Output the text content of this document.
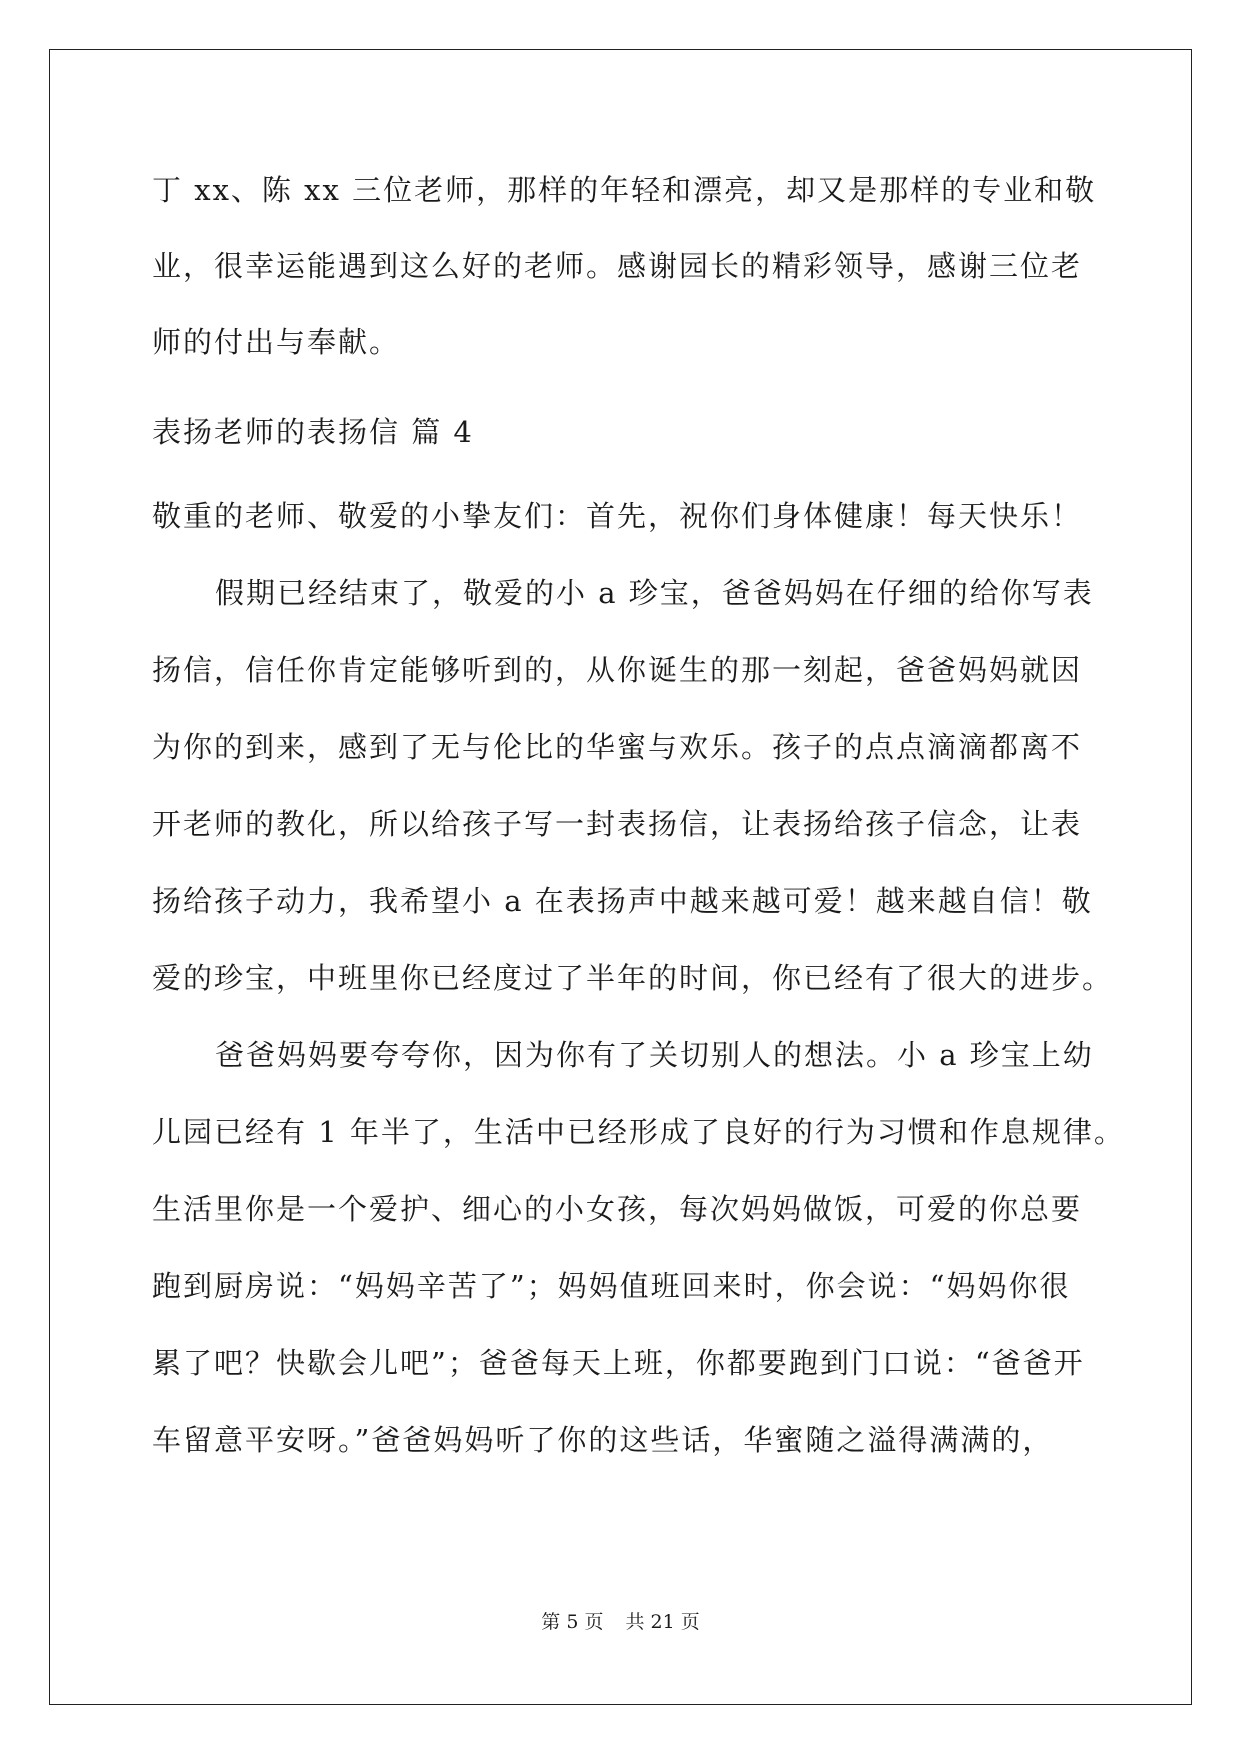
丁 xx、陈 xx 三位老师，那样的年轻和漂亮，却又是那样的专业和敬
业，很幸运能遇到这么好的老师。感谢园长的精彩领导，感谢三位老
师的付出与奉献。
表扬老师的表扬信 篇 4
敬重的老师、敬爱的小挚友们：首先，祝你们身体健康！每天快乐！
假期已经结束了，敬爱的小 a 珍宝，爸爸妈妈在仔细的给你写表
扬信，信任你肯定能够听到的，从你诞生的那一刻起，爸爸妈妈就因
为你的到来，感到了无与伦比的华蜜与欢乐。孩子的点点滴滴都离不
开老师的教化，所以给孩子写一封表扬信，让表扬给孩子信念，让表
扬给孩子动力，我希望小 a 在表扬声中越来越可爱！越来越自信！敬
爱的珍宝，中班里你已经度过了半年的时间，你已经有了很大的进步。
爸爸妈妈要夸夸你，因为你有了关切别人的想法。小 a 珍宝上幼
儿园已经有 1 年半了，生活中已经形成了良好的行为习惯和作息规律。
生活里你是一个爱护、细心的小女孩，每次妈妈做饭，可爱的你总要
跑到厨房说：“妈妈辛苦了”；妈妈值班回来时，你会说：“妈妈你很
累了吧？快歇会儿吧”；爸爸每天上班，你都要跑到门口说：“爸爸开
车留意平安呀。”爸爸妈妈听了你的这些话，华蜜随之溢得满满的，
第 5 页 共 21 页
